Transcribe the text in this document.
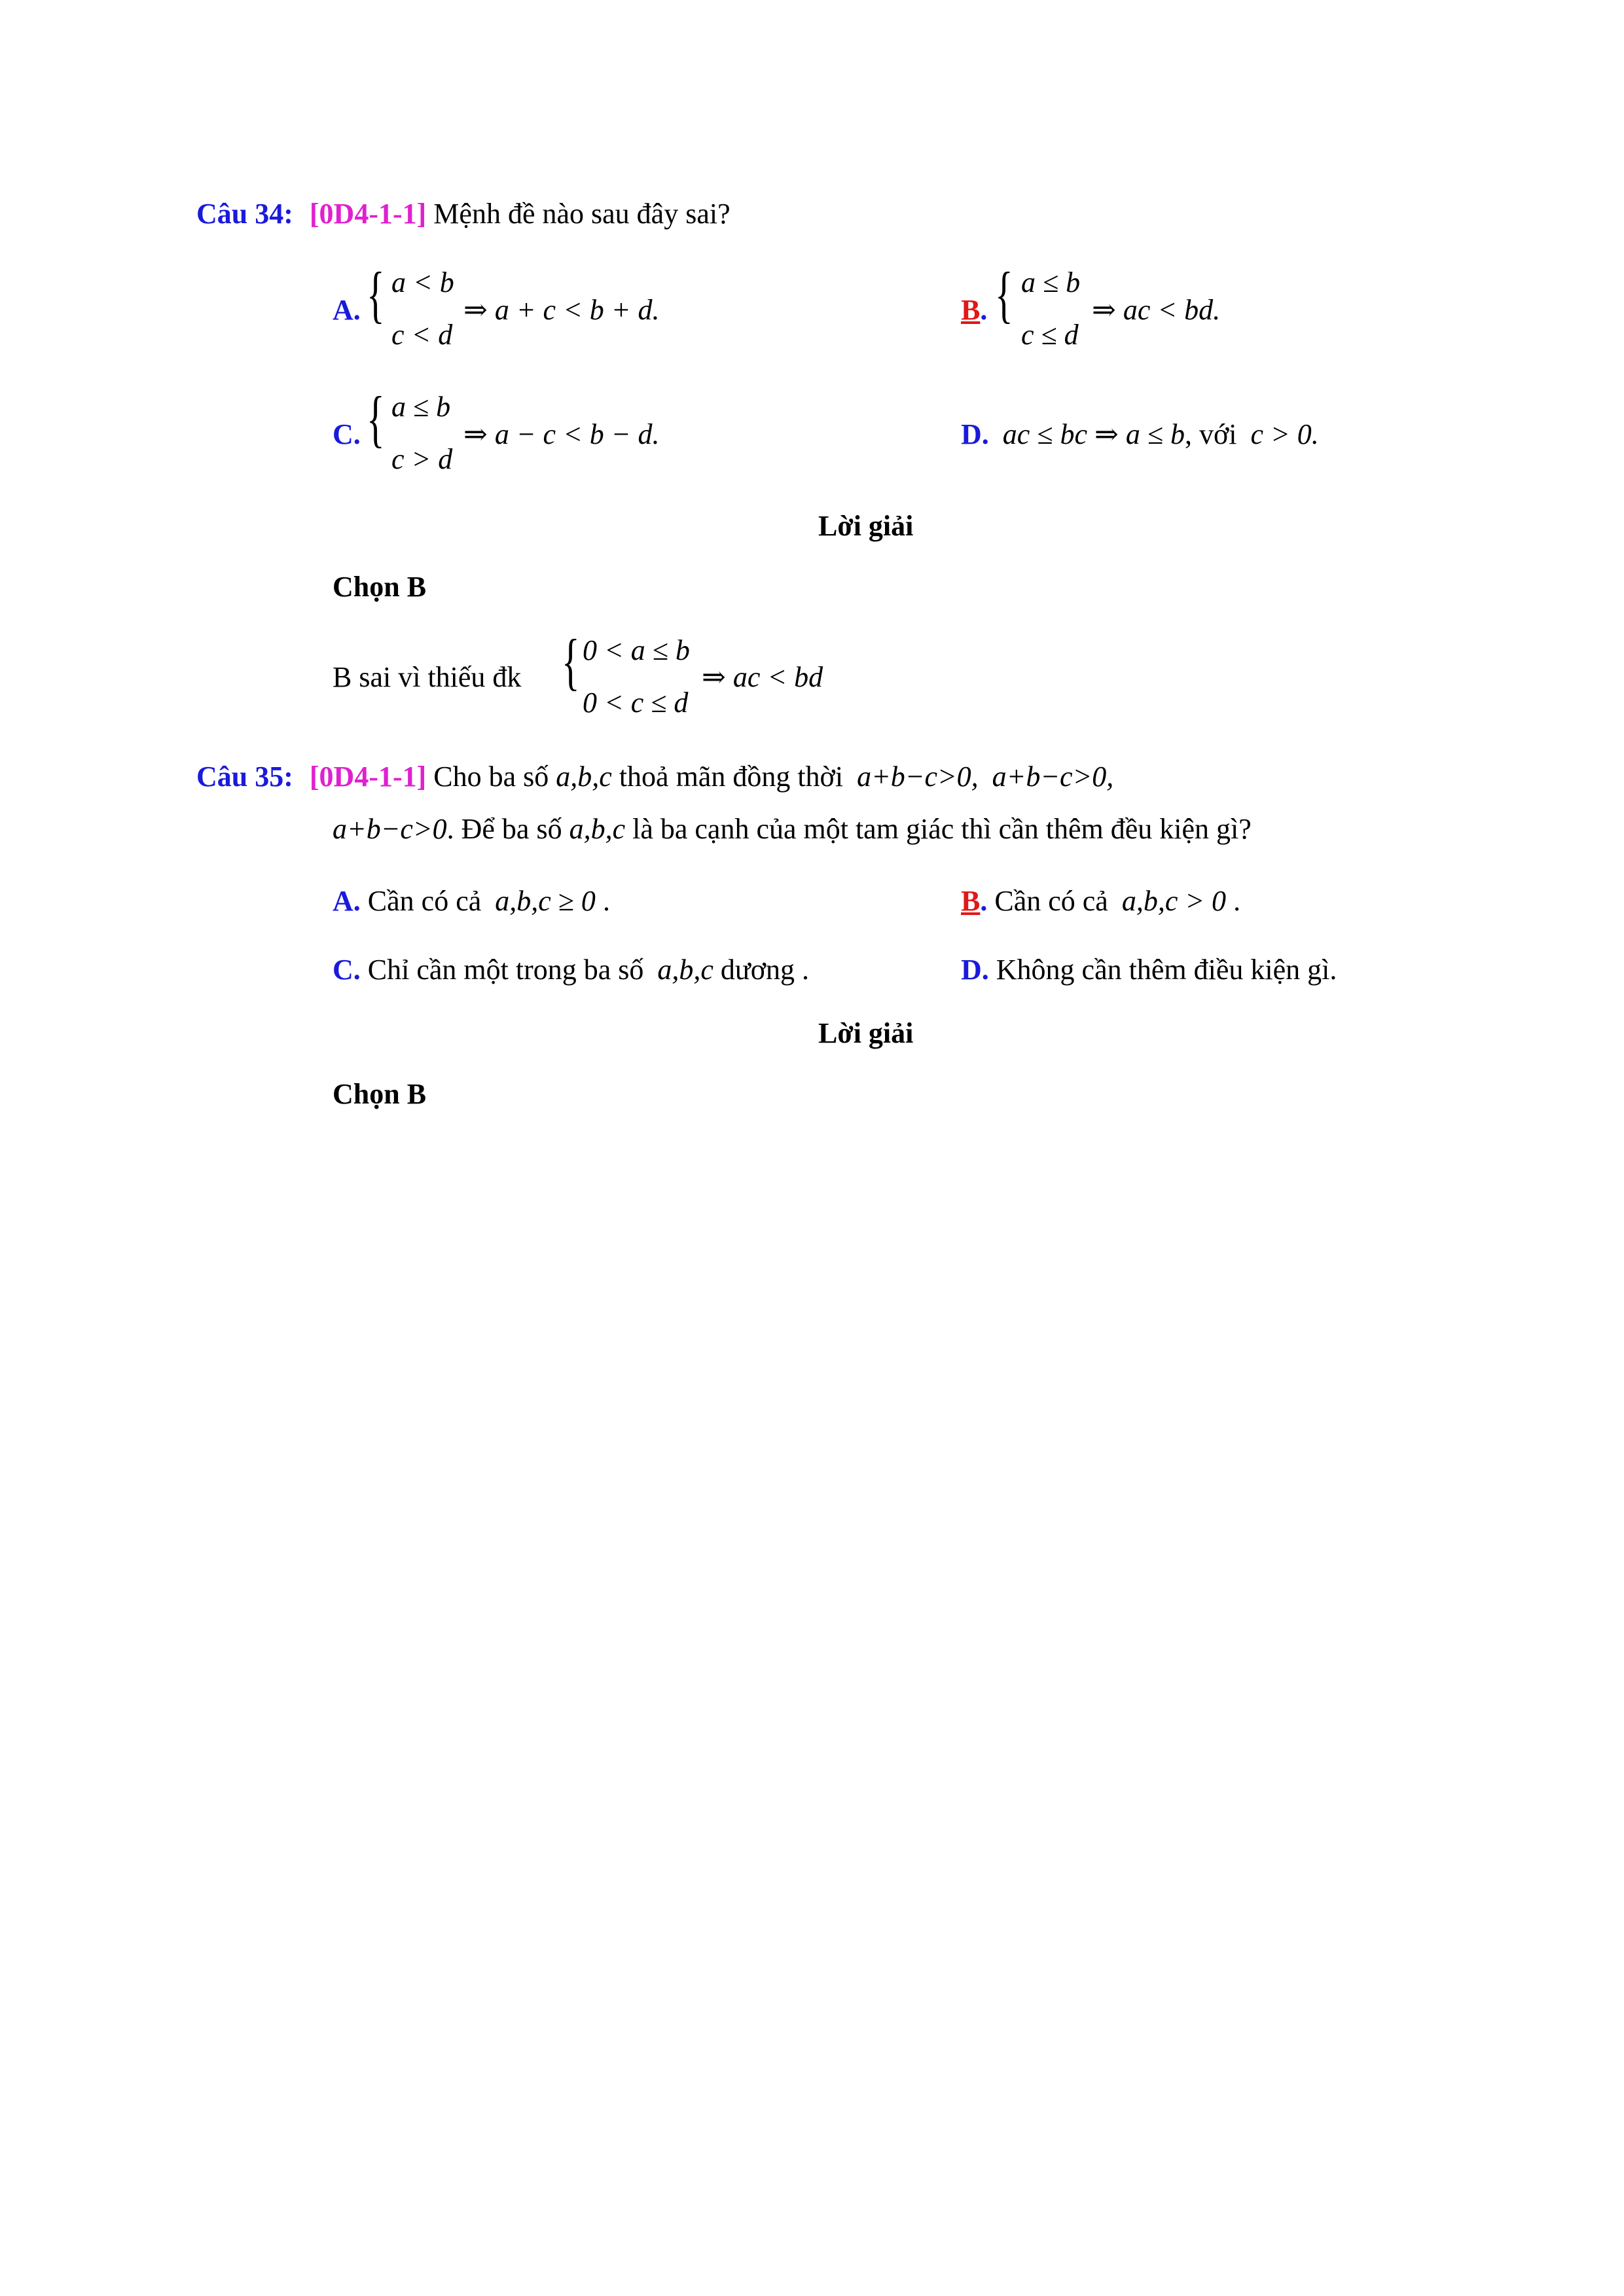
Câu 34: [0D4-1-1] Mệnh đề nào sau đây sai?
A. { a < b
c < d
⇒ a + c < b + d.	B. { a ≤ b
c ≤ d
⇒ ac < bd.
C. { a ≤ b
c > d
⇒ a − c < b − d.	D. ac ≤ bc ⇒ a ≤ b, với c > 0.
Lời giải
Chọn B
B sai vì thiếu đk { 0 < a ≤ b
0 < c ≤ d
⇒ ac < bd
Câu 35: [0D4-1-1] Cho ba số a,b,c thoả mãn đồng thời a+b−c>0, a+b−c>0,
a+b−c>0. Để ba số a,b,c là ba cạnh của một tam giác thì cần thêm đều kiện gì?
A. Cần có cả a,b,c ≥ 0 .	B. Cần có cả a,b,c > 0 .
C. Chỉ cần một trong ba số a,b,c dương .	D. Không cần thêm điều kiện gì.
Lời giải
Chọn B
